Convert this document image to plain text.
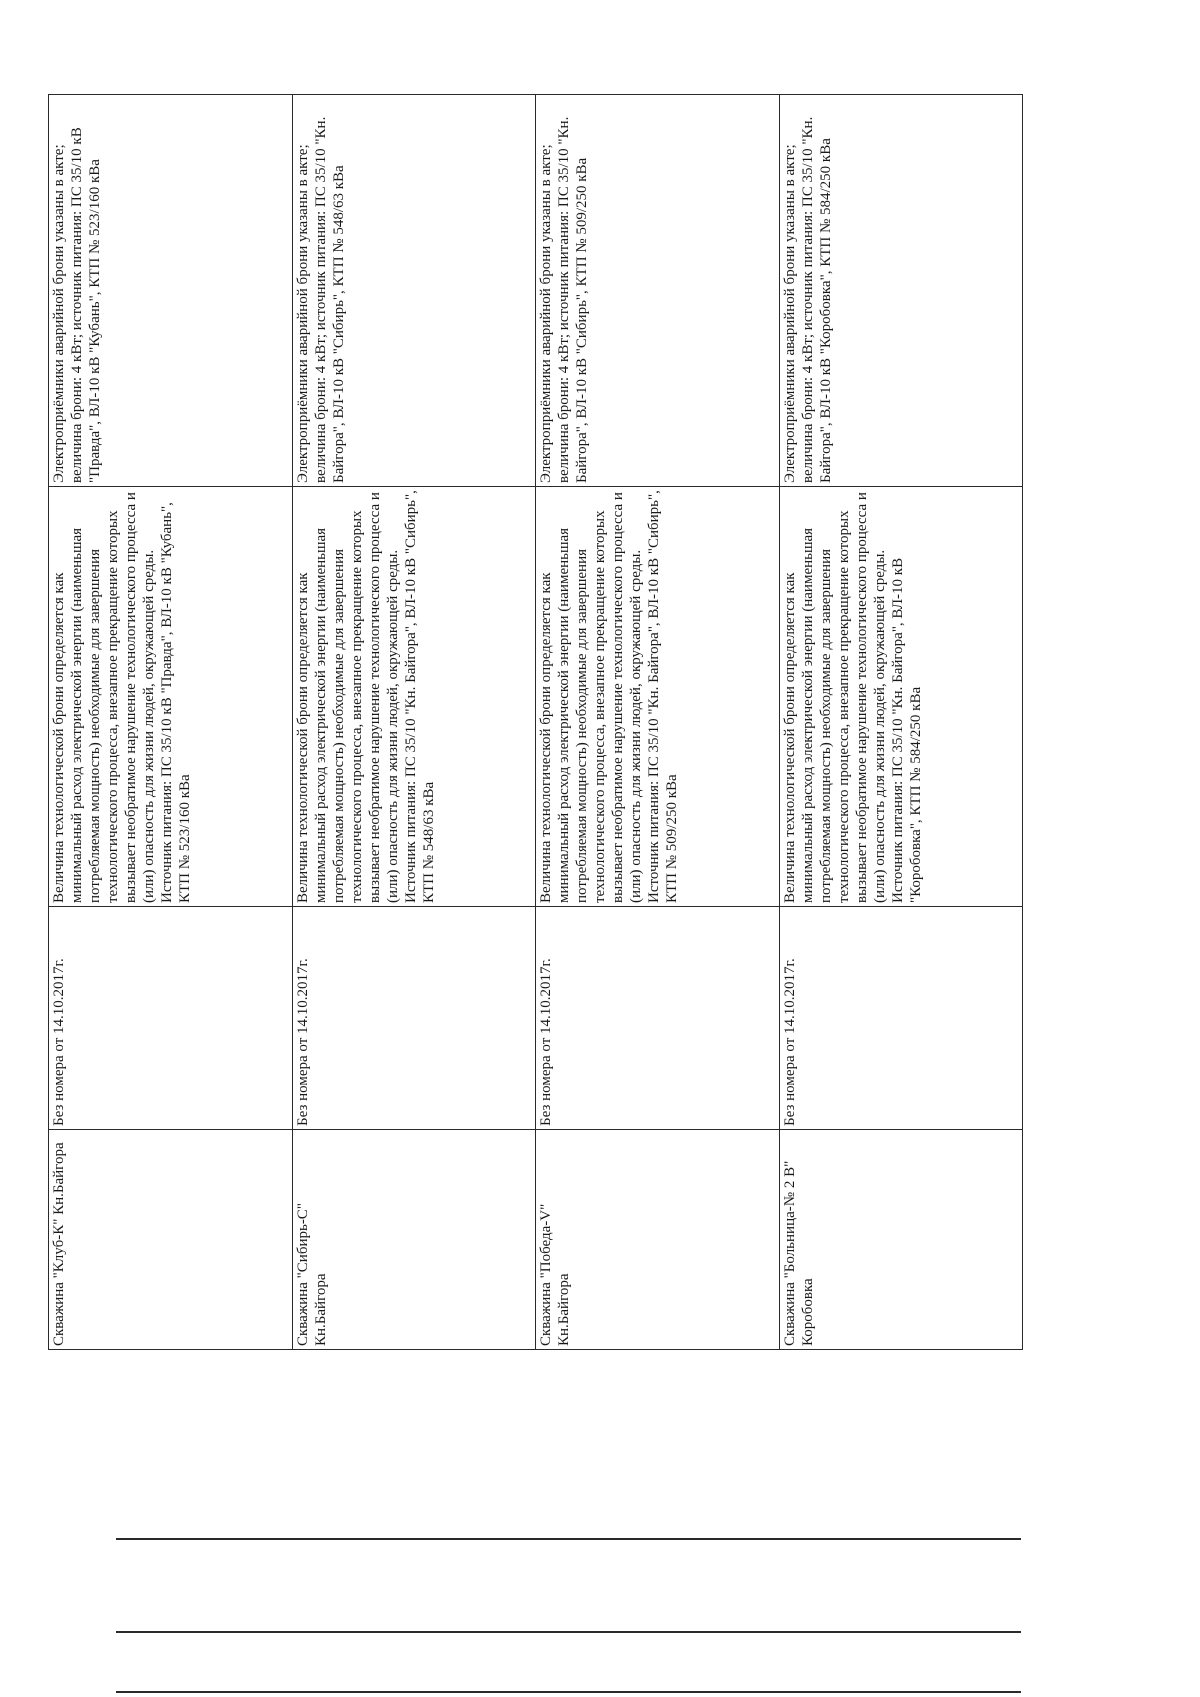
Скважина "Клуб-К" Кн.Байгора	Без номера от 14.10.2017г.	Величина технологической брони определяется как минимальный расход электрической энергии (наименьшая потребляемая мощность) необходимые для завершения технологического процесса, внезапное прекращение которых вызывает необратимое нарушение технологического процесса и (или) опасность для жизни людей, окружающей среды. Источник питания: ПС 35/10 кВ "Правда", ВЛ-10 кВ "Кубань", КТП № 523/160 кВа	Электроприёмники аварийной брони указаны в акте; величина брони: 4 кВт; источник питания: ПС 35/10 кВ "Правда", ВЛ-10 кВ "Кубань", КТП № 523/160 кВа
Скважина "Сибирь-С" Кн.Байгора	Без номера от 14.10.2017г.	Величина технологической брони определяется как минимальный расход электрической энергии (наименьшая потребляемая мощность) необходимые для завершения технологического процесса, внезапное прекращение которых вызывает необратимое нарушение технологического процесса и (или) опасность для жизни людей, окружающей среды. Источник питания: ПС 35/10 "Кн. Байгора", ВЛ-10 кВ "Сибирь", КТП № 548/63 кВа	Электроприёмники аварийной брони указаны в акте; величина брони: 4 кВт; источник питания: ПС 35/10 "Кн. Байгора", ВЛ-10 кВ "Сибирь", КТП № 548/63 кВа
Скважина "Победа-V" Кн.Байгора	Без номера от 14.10.2017г.	Величина технологической брони определяется как минимальный расход электрической энергии (наименьшая потребляемая мощность) необходимые для завершения технологического процесса, внезапное прекращение которых вызывает необратимое нарушение технологического процесса и (или) опасность для жизни людей, окружающей среды. Источник питания: ПС 35/10 "Кн. Байгора", ВЛ-10 кВ "Сибирь", КТП № 509/250 кВа	Электроприёмники аварийной брони указаны в акте; величина брони: 4 кВт; источник питания: ПС 35/10 "Кн. Байгора", ВЛ-10 кВ "Сибирь", КТП № 509/250 кВа
Скважина "Больница-№ 2 В" Коробовка	Без номера от 14.10.2017г.	Величина технологической брони определяется как минимальный расход электрической энергии (наименьшая потребляемая мощность) необходимые для завершения технологического процесса, внезапное прекращение которых вызывает необратимое нарушение технологического процесса и (или) опасность для жизни людей, окружающей среды. Источник питания: ПС 35/10 "Кн. Байгора", ВЛ-10 кВ "Коробовка", КТП № 584/250 кВа	Электроприёмники аварийной брони указаны в акте; величина брони: 4 кВт; источник питания: ПС 35/10 "Кн. Байгора", ВЛ-10 кВ "Коробовка", КТП № 584/250 кВа
